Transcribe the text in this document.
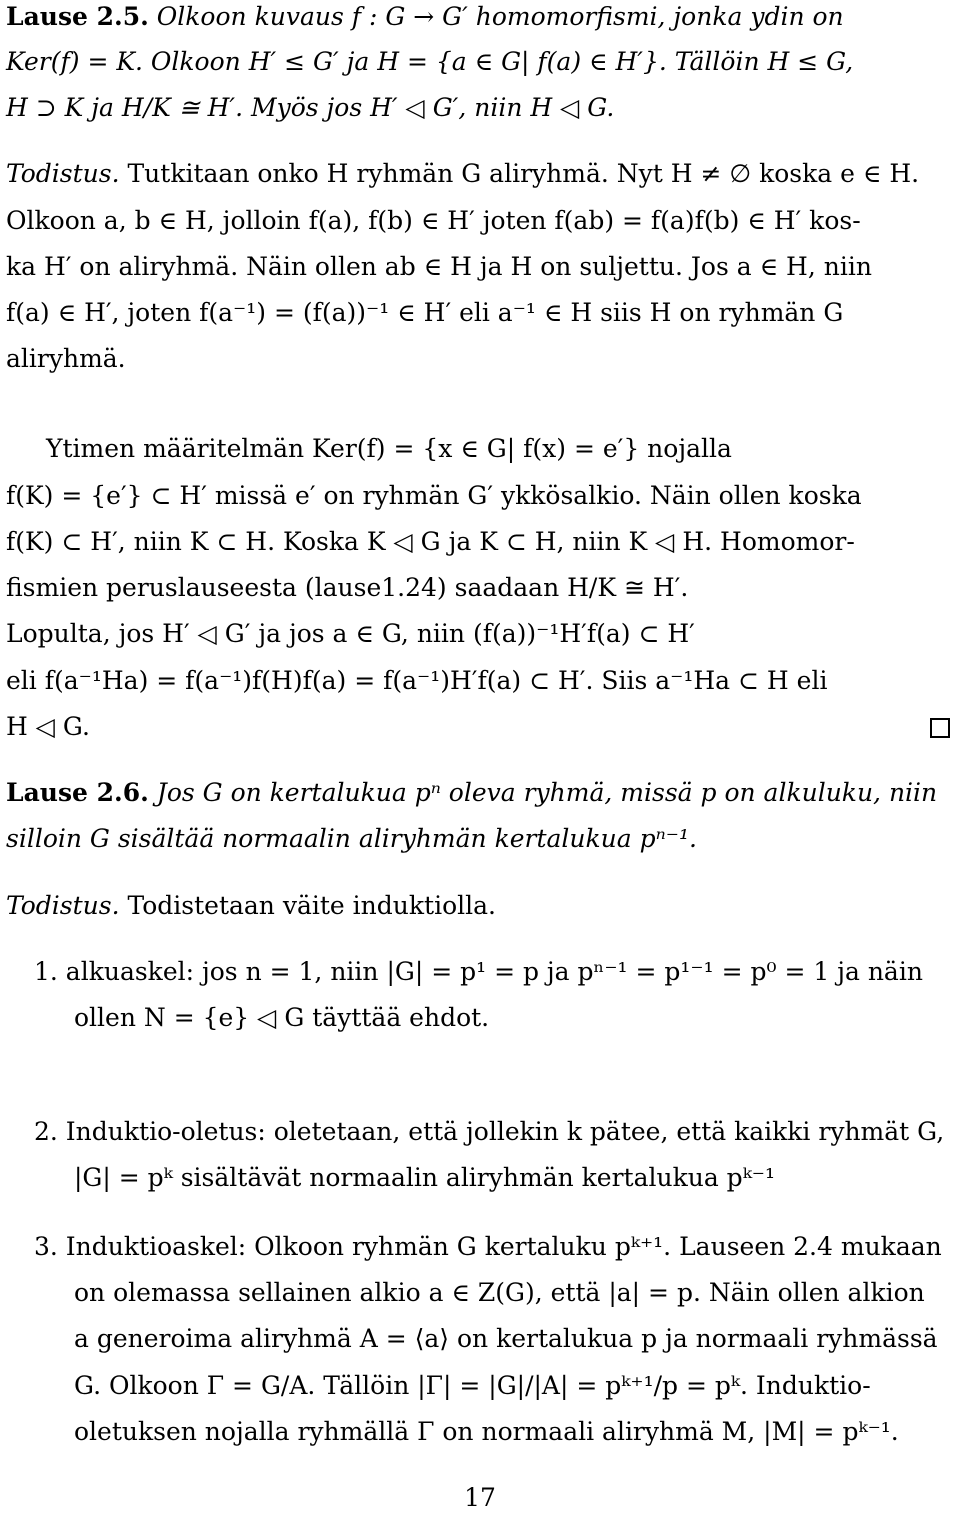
Lause 2.5. Olkoon kuvaus f : G → G′ homomorfismi, jonka ydin on
Ker(f) = K. Olkoon H′ ≤ G′ ja H = {a ∈ G| f(a) ∈ H′}. Tällöin H ≤ G,
H ⊃ K ja H/K ≅ H′. Myös jos H′ ◁ G′, niin H ◁ G.
Todistus. Tutkitaan onko H ryhmän G aliryhmä. Nyt H ≠ ∅ koska e ∈ H.
Olkoon a, b ∈ H, jolloin f(a), f(b) ∈ H′ joten f(ab) = f(a)f(b) ∈ H′ kos-
ka H′ on aliryhmä. Näin ollen ab ∈ H ja H on suljettu. Jos a ∈ H, niin
f(a) ∈ H′, joten f(a⁻¹) = (f(a))⁻¹ ∈ H′ eli a⁻¹ ∈ H siis H on ryhmän G
aliryhmä.
Ytimen määritelmän Ker(f) = {x ∈ G| f(x) = e′} nojalla
f(K) = {e′} ⊂ H′ missä e′ on ryhmän G′ ykkösalkio. Näin ollen koska
f(K) ⊂ H′, niin K ⊂ H. Koska K ◁ G ja K ⊂ H, niin K ◁ H. Homomor-
fismien peruslauseesta (lause1.24) saadaan H/K ≅ H′.
Lopulta, jos H′ ◁ G′ ja jos a ∈ G, niin (f(a))⁻¹H′f(a) ⊂ H′
eli f(a⁻¹Ha) = f(a⁻¹)f(H)f(a) = f(a⁻¹)H′f(a) ⊂ H′. Siis a⁻¹Ha ⊂ H eli
H ◁ G.
Lause 2.6. Jos G on kertalukua pⁿ oleva ryhmä, missä p on alkuluku, niin
silloin G sisältää normaalin aliryhmän kertalukua pⁿ⁻¹.
Todistus. Todistetaan väite induktiolla.
1. alkuaskel: jos n = 1, niin |G| = p¹ = p ja pⁿ⁻¹ = p¹⁻¹ = p⁰ = 1 ja näin
ollen N = {e} ◁ G täyttää ehdot.
2. Induktio-oletus: oletetaan, että jollekin k pätee, että kaikki ryhmät G,
|G| = pᵏ sisältävät normaalin aliryhmän kertalukua pᵏ⁻¹
3. Induktioaskel: Olkoon ryhmän G kertaluku pᵏ⁺¹. Lauseen 2.4 mukaan
on olemassa sellainen alkio a ∈ Z(G), että |a| = p. Näin ollen alkion
a generoima aliryhmä A = ⟨a⟩ on kertalukua p ja normaali ryhmässä
G. Olkoon Γ = G/A. Tällöin |Γ| = |G|/|A| = pᵏ⁺¹/p = pᵏ. Induktio-
oletuksen nojalla ryhmällä Γ on normaali aliryhmä M, |M| = pᵏ⁻¹.
17
